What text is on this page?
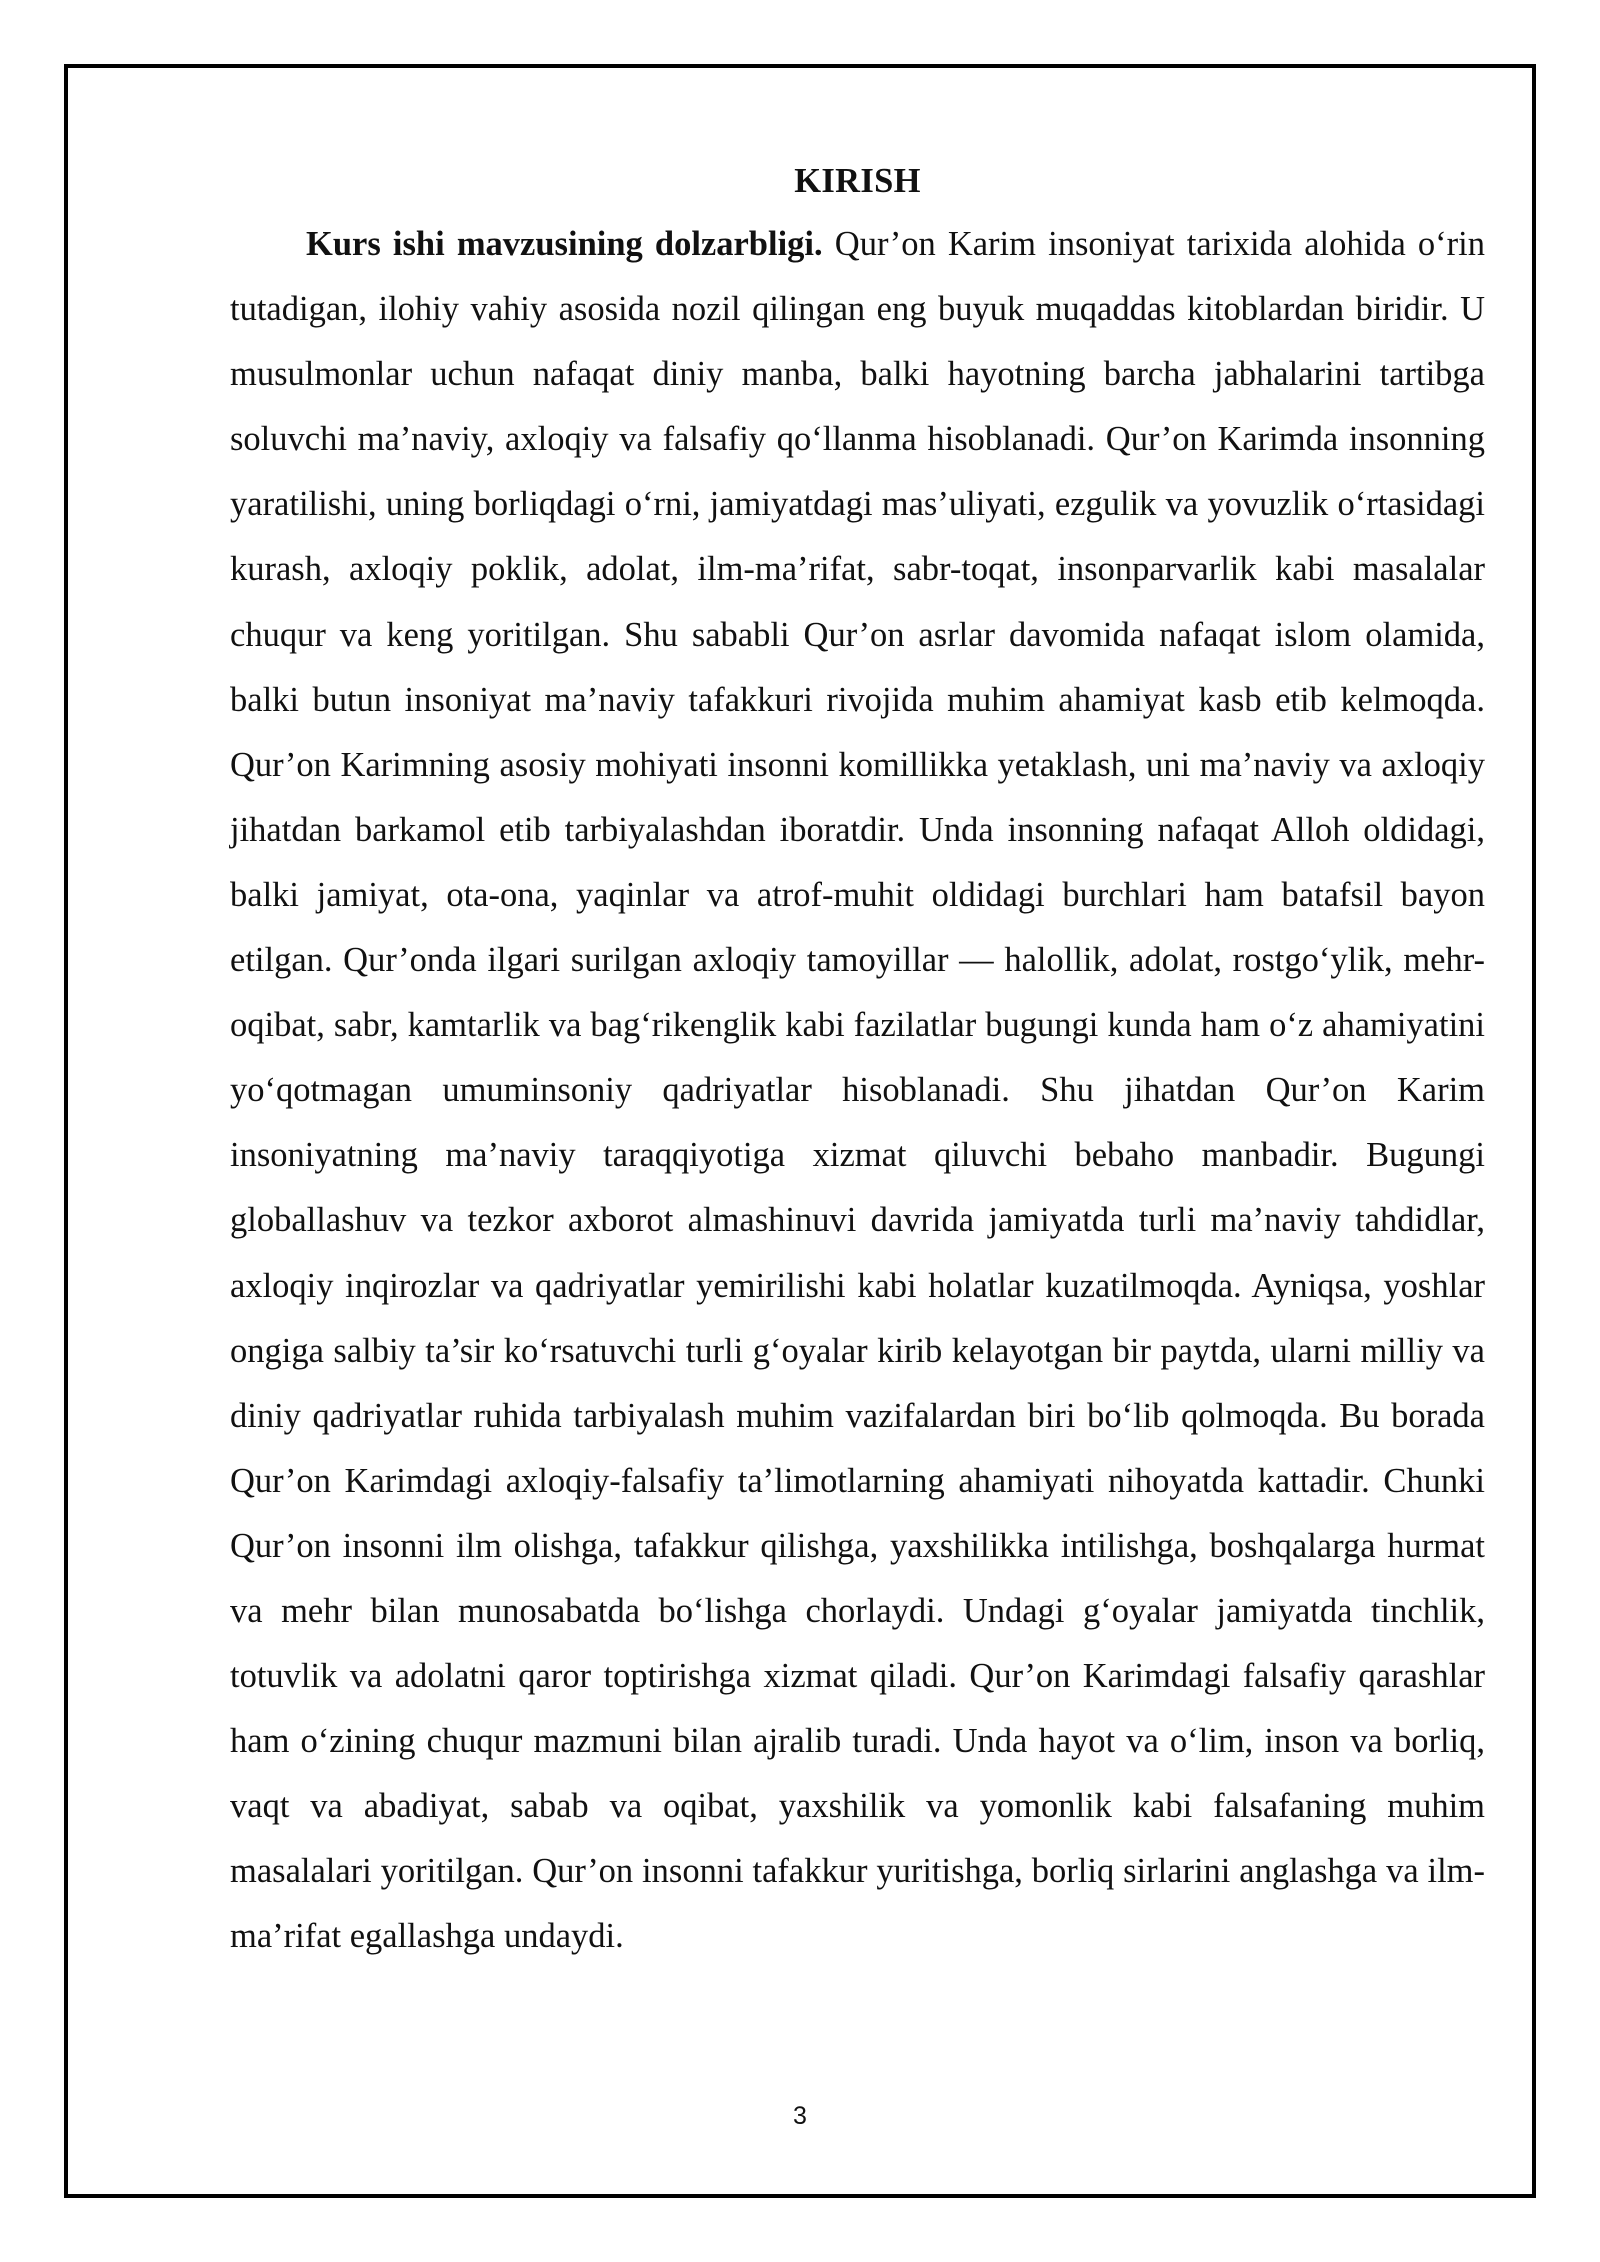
KIRISH

Kurs ishi mavzusining dolzarbligi. Qur’on Karim insoniyat tarixida alohida o‘rin tutadigan, ilohiy vahiy asosida nozil qilingan eng buyuk muqaddas kitoblardan biridir. U musulmonlar uchun nafaqat diniy manba, balki hayotning barcha jabhalarini tartibga soluvchi ma’naviy, axloqiy va falsafiy qo‘llanma hisoblanadi. Qur’on Karimda insonning yaratilishi, uning borliqdagi o‘rni, jamiyatdagi mas’uliyati, ezgulik va yovuzlik o‘rtasidagi kurash, axloqiy poklik, adolat, ilm-ma’rifat, sabr-toqat, insonparvarlik kabi masalalar chuqur va keng yoritilgan. Shu sababli Qur’on asrlar davomida nafaqat islom olamida, balki butun insoniyat ma’naviy tafakkuri rivojida muhim ahamiyat kasb etib kelmoqda. Qur’on Karimning asosiy mohiyati insonni komillikka yetaklash, uni ma’naviy va axloqiy jihatdan barkamol etib tarbiyalashdan iboratdir. Unda insonning nafaqat Alloh oldidagi, balki jamiyat, ota-ona, yaqinlar va atrof-muhit oldidagi burchlari ham batafsil bayon etilgan. Qur’onda ilgari surilgan axloqiy tamoyillar — halollik, adolat, rostgo‘ylik, mehr-oqibat, sabr, kamtarlik va bag‘rikenglik kabi fazilatlar bugungi kunda ham o‘z ahamiyatini yo‘qotmagan umuminsoniy qadriyatlar hisoblanadi. Shu jihatdan Qur’on Karim insoniyatning ma’naviy taraqqiyotiga xizmat qiluvchi bebaho manbadir. Bugungi globallashuv va tezkor axborot almashinuvi davrida jamiyatda turli ma’naviy tahdidlar, axloqiy inqirozlar va qadriyatlar yemirilishi kabi holatlar kuzatilmoqda. Ayniqsa, yoshlar ongiga salbiy ta’sir ko‘rsatuvchi turli g‘oyalar kirib kelayotgan bir paytda, ularni milliy va diniy qadriyatlar ruhida tarbiyalash muhim vazifalardan biri bo‘lib qolmoqda. Bu borada Qur’on Karimdagi axloqiy-falsafiy ta’limotlarning ahamiyati nihoyatda kattadir. Chunki Qur’on insonni ilm olishga, tafakkur qilishga, yaxshilikka intilishga, boshqalarga hurmat va mehr bilan munosabatda bo‘lishga chorlaydi. Undagi g‘oyalar jamiyatda tinchlik, totuvlik va adolatni qaror toptirishga xizmat qiladi. Qur’on Karimdagi falsafiy qarashlar ham o‘zining chuqur mazmuni bilan ajralib turadi. Unda hayot va o‘lim, inson va borliq, vaqt va abadiyat, sabab va oqibat, yaxshilik va yomonlik kabi falsafaning muhim masalalari yoritilgan. Qur’on insonni tafakkur yuritishga, borliq sirlarini anglashga va ilm-ma’rifat egallashga undaydi.

3
